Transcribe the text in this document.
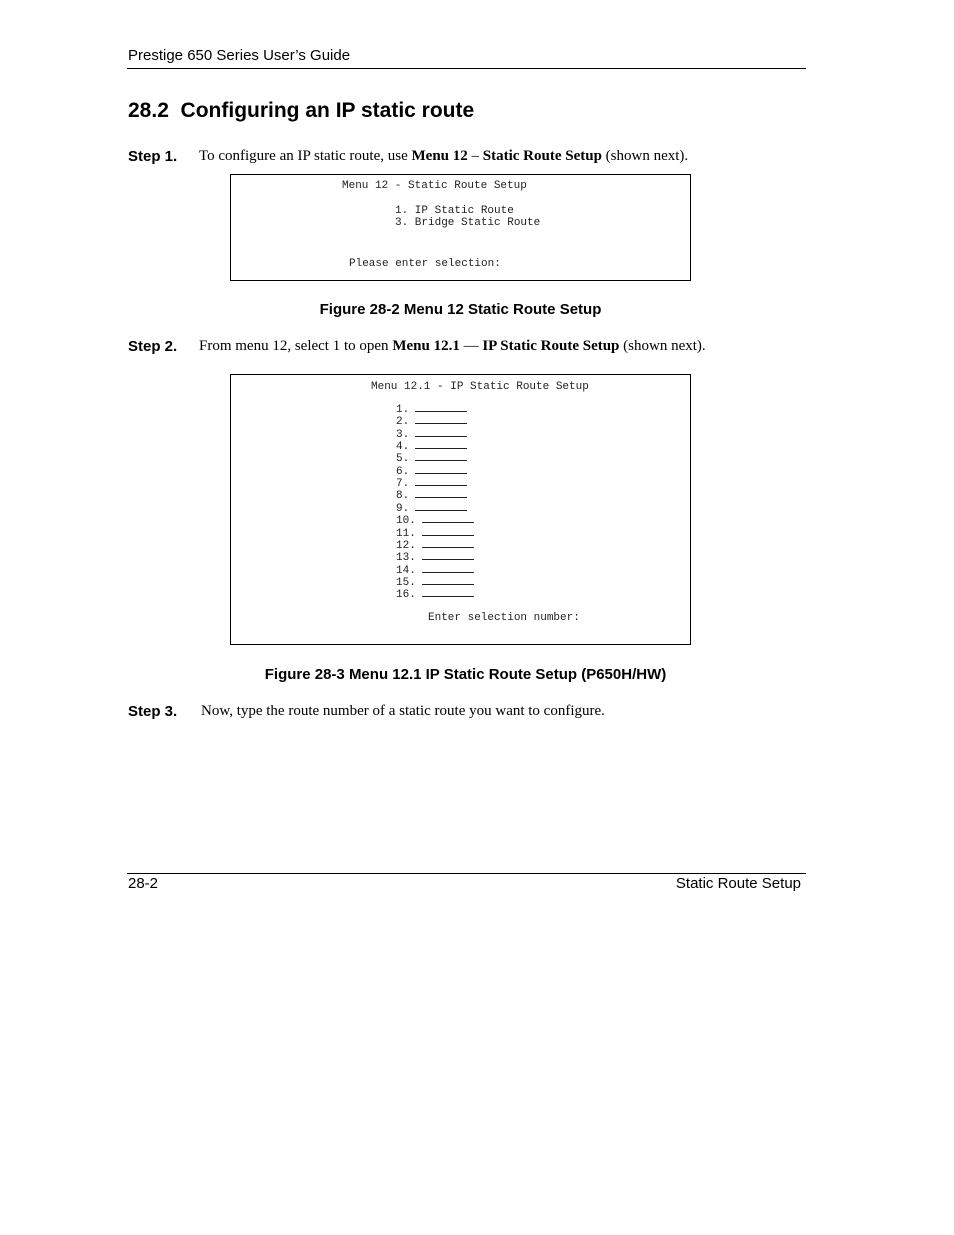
Prestige 650 Series User’s Guide
28.2 Configuring an IP static route
Step 1. To configure an IP static route, use Menu 12 – Static Route Setup (shown next).
Menu 12 - Static Route Setup
1. IP Static Route
3. Bridge Static Route
Please enter selection:
Figure 28-2 Menu 12 Static Route Setup
Step 2. From menu 12, select 1 to open Menu 12.1 — IP Static Route Setup (shown next).
Menu 12.1 - IP Static Route Setup
1.
2.
3.
4.
5.
6.
7.
8.
9.
10.
11.
12.
13.
14.
15.
16.
Enter selection number:
Figure 28-3 Menu 12.1 IP Static Route Setup (P650H/HW)
Step 3. Now, type the route number of a static route you want to configure.
28-2	Static Route Setup
